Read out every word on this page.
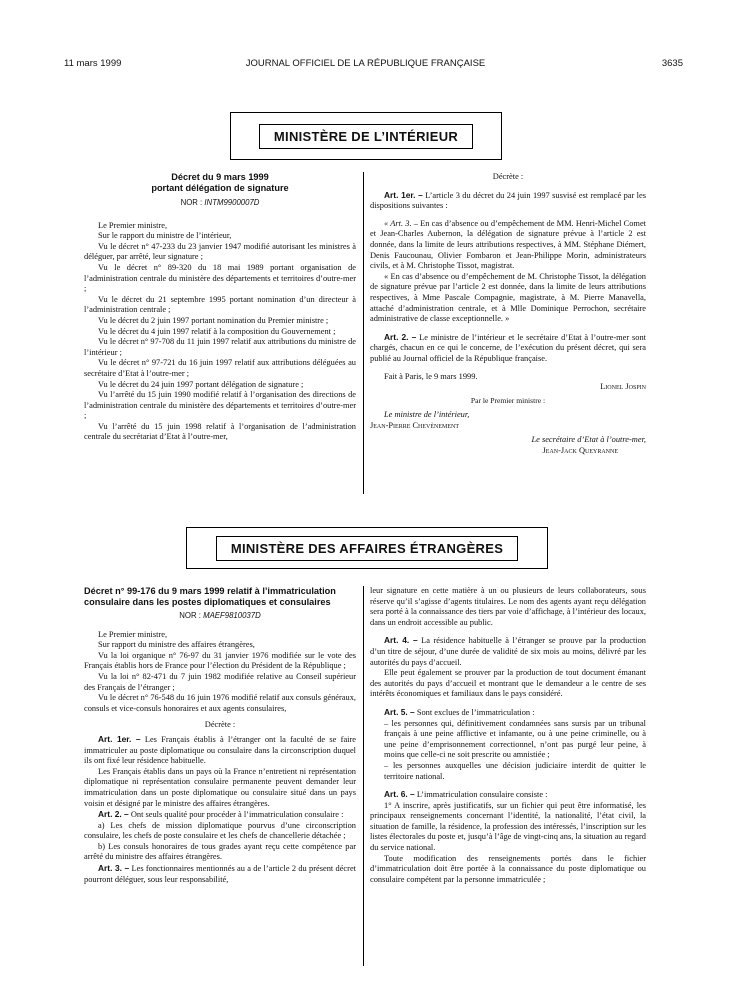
11 mars 1999	JOURNAL OFFICIEL DE LA RÉPUBLIQUE FRANÇAISE	3635
MINISTÈRE DE L’INTÉRIEUR
Décret du 9 mars 1999
portant délégation de signature
NOR : INTM9900007D

Le Premier ministre,

Sur le rapport du ministre de l’intérieur,

Vu le décret n° 47-233 du 23 janvier 1947 modifié autorisant les ministres à déléguer, par arrêté, leur signature ;

Vu le décret n° 89-320 du 18 mai 1989 portant organisation de l’administration centrale du ministère des départements et territoires d’outre-mer ;

Vu le décret du 21 septembre 1995 portant nomination d’un directeur à l’administration centrale ;

Vu le décret du 2 juin 1997 portant nomination du Premier ministre ;

Vu le décret du 4 juin 1997 relatif à la composition du Gouvernement ;

Vu le décret n° 97-708 du 11 juin 1997 relatif aux attributions du ministre de l’intérieur ;

Vu le décret n° 97-721 du 16 juin 1997 relatif aux attributions déléguées au secrétaire d’Etat à l’outre-mer ;

Vu le décret du 24 juin 1997 portant délégation de signature ;

Vu l’arrêté du 15 juin 1990 modifié relatif à l’organisation des directions de l’administration centrale du ministère des départements et territoires d’outre-mer ;

Vu l’arrêté du 15 juin 1998 relatif à l’organisation de l’administration centrale du secrétariat d’Etat à l’outre-mer,

Décrète :

Art. 1er. – L’article 3 du décret du 24 juin 1997 susvisé est remplacé par les dispositions suivantes :

« Art. 3. – En cas d’absence ou d’empêchement de MM. Henri-Michel Comet et Jean-Charles Aubernon, la délégation de signature prévue à l’article 2 est donnée, dans la limite de leurs attributions respectives, à MM. Stéphane Diémert, Denis Faucounau, Olivier Fombaron et Jean-Philippe Morin, administrateurs civils, et à M. Christophe Tissot, magistrat.

« En cas d’absence ou d’empêchement de M. Christophe Tissot, la délégation de signature prévue par l’article 2 est donnée, dans la limite de leurs attributions respectives, à Mme Pascale Compagnie, magistrate, à M. Pierre Manavella, attaché d’administration centrale, et à Mlle Dominique Perrochon, secrétaire administrative de classe exceptionnelle. »

Art. 2. – Le ministre de l’intérieur et le secrétaire d’Etat à l’outre-mer sont chargés, chacun en ce qui le concerne, de l’exécution du présent décret, qui sera publié au Journal officiel de la République française.

Fait à Paris, le 9 mars 1999.

Lionel Jospin

Par le Premier ministre :

Le ministre de l’intérieur,

Jean-Pierre Chevènement

Le secrétaire d’Etat à l’outre-mer,

Jean-Jack Queyranne

MINISTÈRE DES AFFAIRES ÉTRANGÈRES
Décret n° 99-176 du 9 mars 1999 relatif à l’immatriculation consulaire dans les postes diplomatiques et consulaires
NOR : MAEF9810037D

Le Premier ministre,

Sur rapport du ministre des affaires étrangères,

Vu la loi organique n° 76-97 du 31 janvier 1976 modifiée sur le vote des Français établis hors de France pour l’élection du Président de la République ;

Vu la loi n° 82-471 du 7 juin 1982 modifiée relative au Conseil supérieur des Français de l’étranger ;

Vu le décret n° 76-548 du 16 juin 1976 modifié relatif aux consuls généraux, consuls et vice-consuls honoraires et aux agents consulaires,

Décrète :

Art. 1er. – Les Français établis à l’étranger ont la faculté de se faire immatriculer au poste diplomatique ou consulaire dans la circonscription duquel ils ont fixé leur résidence habituelle.

Les Français établis dans un pays où la France n’entretient ni représentation diplomatique ni représentation consulaire permanente peuvent demander leur immatriculation dans un poste diplomatique ou consulaire situé dans un pays voisin et désigné par le ministre des affaires étrangères.

Art. 2. – Ont seuls qualité pour procéder à l’immatriculation consulaire :

a) Les chefs de mission diplomatique pourvus d’une circonscription consulaire, les chefs de poste consulaire et les chefs de chancellerie détachée ;

b) Les consuls honoraires de tous grades ayant reçu cette compétence par arrêté du ministre des affaires étrangères.

Art. 3. – Les fonctionnaires mentionnés au a de l’article 2 du présent décret pourront déléguer, sous leur responsabilité,

leur signature en cette matière à un ou plusieurs de leurs collaborateurs, sous réserve qu’il s’agisse d’agents titulaires. Le nom des agents ayant reçu délégation sera porté à la connaissance des tiers par voie d’affichage, à l’intérieur des locaux, dans un endroit accessible au public.

Art. 4. – La résidence habituelle à l’étranger se prouve par la production d’un titre de séjour, d’une durée de validité de six mois au moins, délivré par les autorités du pays d’accueil.

Elle peut également se prouver par la production de tout document émanant des autorités du pays d’accueil et montrant que le demandeur a le centre de ses intérêts économiques et familiaux dans le pays considéré.

Art. 5. – Sont exclues de l’immatriculation :

– les personnes qui, définitivement condamnées sans sursis par un tribunal français à une peine afflictive et infamante, ou à une peine criminelle, ou à une peine d’emprisonnement correctionnel, n’ont pas purgé leur peine, à moins que celle-ci ne soit prescrite ou amnistiée ;

– les personnes auxquelles une décision judiciaire interdit de quitter le territoire national.

Art. 6. – L’immatriculation consulaire consiste :

1° A inscrire, après justificatifs, sur un fichier qui peut être informatisé, les principaux renseignements concernant l’identité, la nationalité, l’état civil, la situation de famille, la résidence, la profession des intéressés, l’inscription sur les listes électorales du poste et, jusqu’à l’âge de vingt-cinq ans, la situation au regard du service national.

Toute modification des renseignements portés dans le fichier d’immatriculation doit être portée à la connaissance du poste diplomatique ou consulaire compétent par la personne immatriculée ;
